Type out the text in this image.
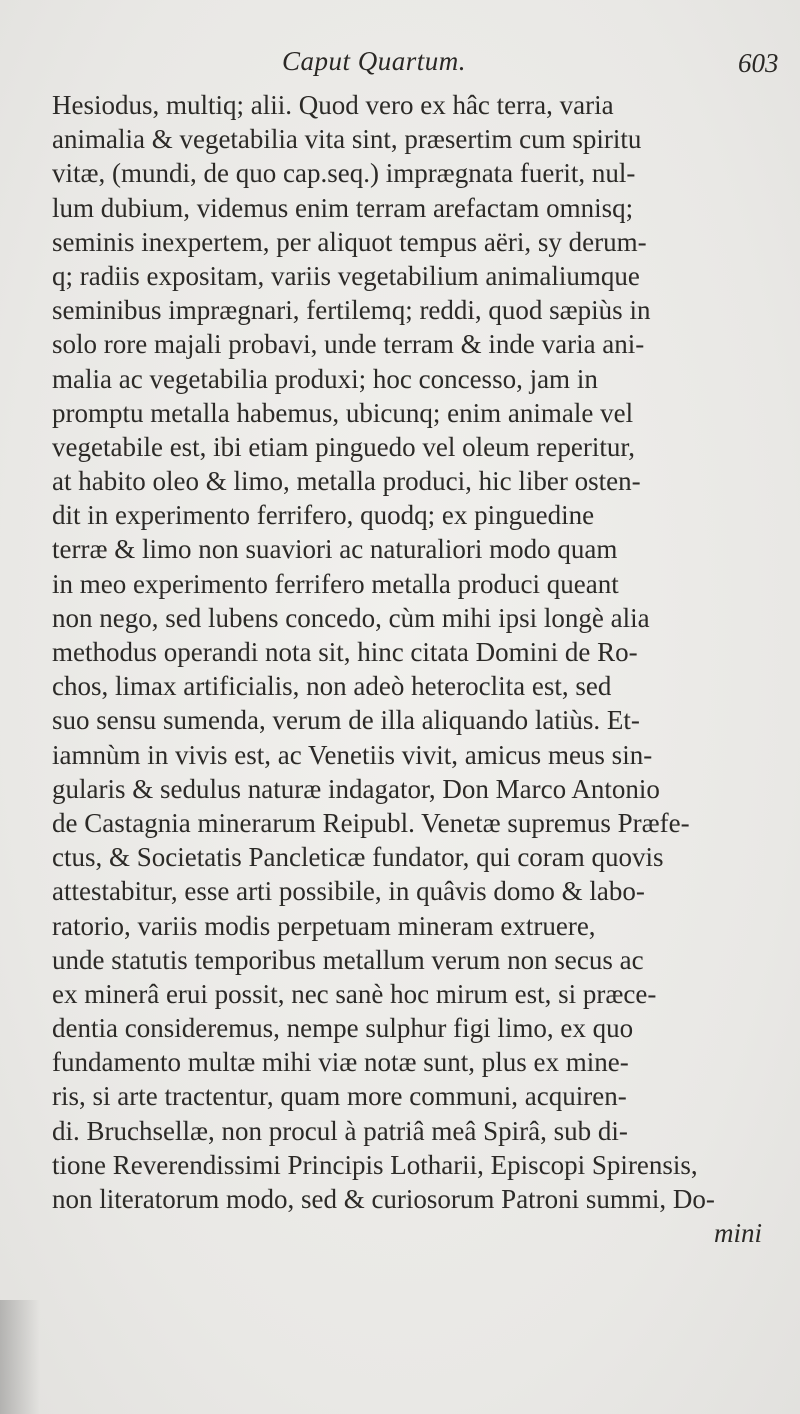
Caput Quartum.	603
Hesiodus, multiq; alii. Quod vero ex hâc terra, varia
animalia & vegetabilia vita sint, præsertim cum spiritu
vitæ, (mundi, de quo cap.seq.) imprægnata fuerit, nul-
lum dubium, videmus enim terram arefactam omnisq;
seminis inexpertem, per aliquot tempus aëri, sy derum-
q; radiis expositam, variis vegetabilium animaliumque
seminibus imprægnari, fertilemq; reddi, quod sæpiùs in
solo rore majali probavi, unde terram & inde varia ani-
malia ac vegetabilia produxi; hoc concesso, jam in
promptu metalla habemus, ubicunq; enim animale vel
vegetabile est, ibi etiam pinguedo vel oleum reperitur,
at habito oleo & limo, metalla produci, hic liber osten-
dit in experimento ferrifero, quodq; ex pinguedine
terræ & limo non suaviori ac naturaliori modo quam
in meo experimento ferrifero metalla produci queant
non nego, sed lubens concedo, cùm mihi ipsi longè alia
methodus operandi nota sit, hinc citata Domini de Ro-
chos, limax artificialis, non adeò heteroclita est, sed
suo sensu sumenda, verum de illa aliquando latiùs. Et-
iamnùm in vivis est, ac Venetiis vivit, amicus meus sin-
gularis & sedulus naturæ indagator, Don Marco Antonio
de Castagnia minerarum Reipubl. Venetæ supremus Præfe-
ctus, & Societatis Pancleticæ fundator, qui coram quovis
attestabitur, esse arti possibile, in quâvis domo & labo-
ratorio, variis modis perpetuam mineram extruere,
unde statutis temporibus metallum verum non secus ac
ex minerâ erui possit, nec sanè hoc mirum est, si præce-
dentia consideremus, nempe sulphur figi limo, ex quo
fundamento multæ mihi viæ notæ sunt, plus ex mine-
ris, si arte tractentur, quam more communi, acquiren-
di. Bruchsellæ, non procul à patriâ meâ Spirâ, sub di-
tione Reverendissimi Principis Lotharii, Episcopi Spirensis,
non literatorum modo, sed & curiosorum Patroni summi, Do-
mini
